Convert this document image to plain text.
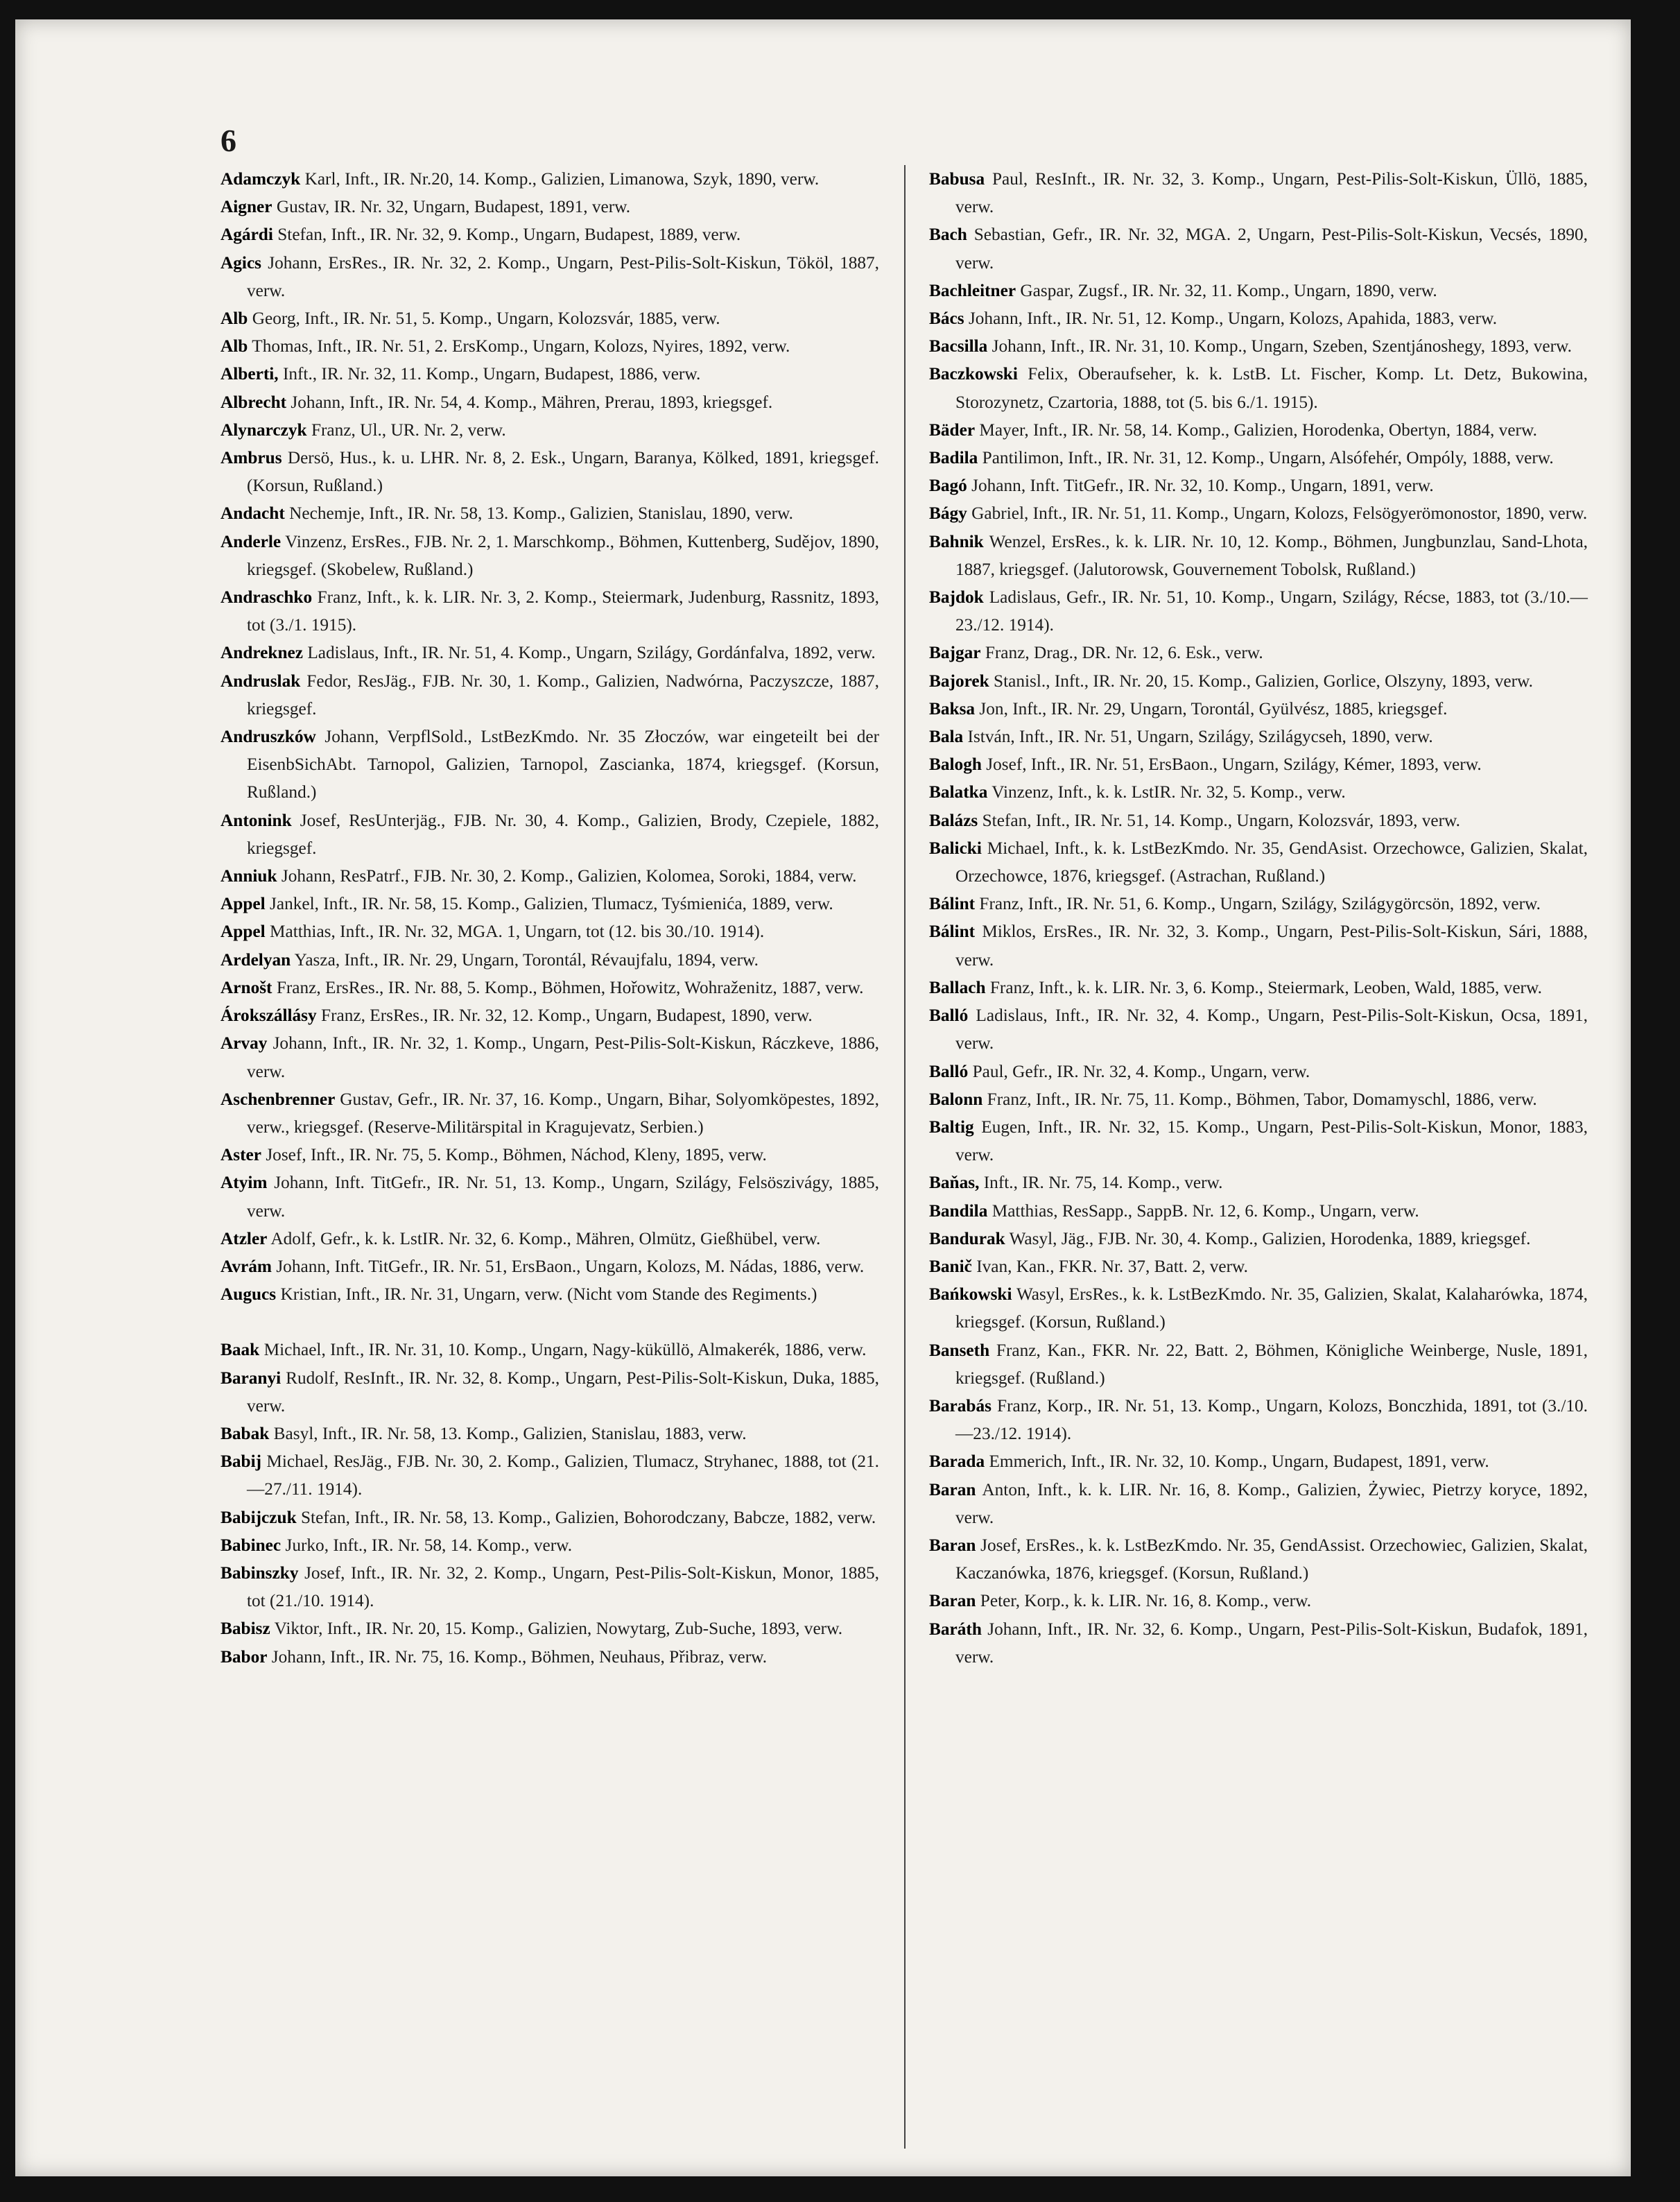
6

Adamczyk Karl, Inft., IR. Nr.20, 14. Komp., Galizien, Limanowa, Szyk, 1890, verw.

Aigner Gustav, IR. Nr. 32, Ungarn, Budapest, 1891, verw.

Agárdi Stefan, Inft., IR. Nr. 32, 9. Komp., Ungarn, Budapest, 1889, verw.

Agics Johann, ErsRes., IR. Nr. 32, 2. Komp., Ungarn, Pest-Pilis-Solt-Kiskun, Tököl, 1887, verw.

Alb Georg, Inft., IR. Nr. 51, 5. Komp., Ungarn, Kolozsvár, 1885, verw.

Alb Thomas, Inft., IR. Nr. 51, 2. ErsKomp., Ungarn, Kolozs, Nyires, 1892, verw.

Alberti, Inft., IR. Nr. 32, 11. Komp., Ungarn, Budapest, 1886, verw.

Albrecht Johann, Inft., IR. Nr. 54, 4. Komp., Mähren, Prerau, 1893, kriegsgef.

Alynarczyk Franz, Ul., UR. Nr. 2, verw.

Ambrus Dersö, Hus., k. u. LHR. Nr. 8, 2. Esk., Ungarn, Baranya, Kölked, 1891, kriegsgef. (Korsun, Rußland.)

Andacht Nechemje, Inft., IR. Nr. 58, 13. Komp., Galizien, Stanislau, 1890, verw.

Anderle Vinzenz, ErsRes., FJB. Nr. 2, 1. Marschkomp., Böhmen, Kuttenberg, Sudějov, 1890, kriegsgef. (Skobelew, Rußland.)

Andraschko Franz, Inft., k. k. LIR. Nr. 3, 2. Komp., Steiermark, Judenburg, Rassnitz, 1893, tot (3./1. 1915).

Andreknez Ladislaus, Inft., IR. Nr. 51, 4. Komp., Ungarn, Szilágy, Gordánfalva, 1892, verw.

Andruslak Fedor, ResJäg., FJB. Nr. 30, 1. Komp., Galizien, Nadwórna, Paczyszcze, 1887, kriegsgef.

Andruszków Johann, VerpflSold., LstBezKmdo. Nr. 35 Złoczów, war eingeteilt bei der EisenbSichAbt. Tarnopol, Galizien, Tarnopol, Zascianka, 1874, kriegsgef. (Korsun, Rußland.)

Antonink Josef, ResUnterjäg., FJB. Nr. 30, 4. Komp., Galizien, Brody, Czepiele, 1882, kriegsgef.

Anniuk Johann, ResPatrf., FJB. Nr. 30, 2. Komp., Galizien, Kolomea, Soroki, 1884, verw.

Appel Jankel, Inft., IR. Nr. 58, 15. Komp., Galizien, Tlumacz, Tyśmienića, 1889, verw.

Appel Matthias, Inft., IR. Nr. 32, MGA. 1, Ungarn, tot (12. bis 30./10. 1914).

Ardelyan Yasza, Inft., IR. Nr. 29, Ungarn, Torontál, Révaujfalu, 1894, verw.

Arnošt Franz, ErsRes., IR. Nr. 88, 5. Komp., Böhmen, Hořowitz, Wohraženitz, 1887, verw.

Árokszállásy Franz, ErsRes., IR. Nr. 32, 12. Komp., Ungarn, Budapest, 1890, verw.

Arvay Johann, Inft., IR. Nr. 32, 1. Komp., Ungarn, Pest-Pilis-Solt-Kiskun, Ráczkeve, 1886, verw.

Aschenbrenner Gustav, Gefr., IR. Nr. 37, 16. Komp., Ungarn, Bihar, Solyomköpestes, 1892, verw., kriegsgef. (Reserve-Militärspital in Kragujevatz, Serbien.)

Aster Josef, Inft., IR. Nr. 75, 5. Komp., Böhmen, Náchod, Kleny, 1895, verw.

Atyim Johann, Inft. TitGefr., IR. Nr. 51, 13. Komp., Ungarn, Szilágy, Felsöszivágy, 1885, verw.

Atzler Adolf, Gefr., k. k. LstIR. Nr. 32, 6. Komp., Mähren, Olmütz, Gießhübel, verw.

Avrám Johann, Inft. TitGefr., IR. Nr. 51, ErsBaon., Ungarn, Kolozs, M. Nádas, 1886, verw.

Augucs Kristian, Inft., IR. Nr. 31, Ungarn, verw. (Nicht vom Stande des Regiments.)

Baak Michael, Inft., IR. Nr. 31, 10. Komp., Ungarn, Nagy-küküllö, Almakerék, 1886, verw.

Baranyi Rudolf, ResInft., IR. Nr. 32, 8. Komp., Ungarn, Pest-Pilis-Solt-Kiskun, Duka, 1885, verw.

Babak Basyl, Inft., IR. Nr. 58, 13. Komp., Galizien, Stanislau, 1883, verw.

Babij Michael, ResJäg., FJB. Nr. 30, 2. Komp., Galizien, Tlumacz, Stryhanec, 1888, tot (21.—27./11. 1914).

Babijczuk Stefan, Inft., IR. Nr. 58, 13. Komp., Galizien, Bohorodczany, Babcze, 1882, verw.

Babinec Jurko, Inft., IR. Nr. 58, 14. Komp., verw.

Babinszky Josef, Inft., IR. Nr. 32, 2. Komp., Ungarn, Pest-Pilis-Solt-Kiskun, Monor, 1885, tot (21./10. 1914).

Babisz Viktor, Inft., IR. Nr. 20, 15. Komp., Galizien, Nowytarg, Zub-Suche, 1893, verw.

Babor Johann, Inft., IR. Nr. 75, 16. Komp., Böhmen, Neuhaus, Přibraz, verw.

Babusa Paul, ResInft., IR. Nr. 32, 3. Komp., Ungarn, Pest-Pilis-Solt-Kiskun, Üllö, 1885, verw.

Bach Sebastian, Gefr., IR. Nr. 32, MGA. 2, Ungarn, Pest-Pilis-Solt-Kiskun, Vecsés, 1890, verw.

Bachleitner Gaspar, Zugsf., IR. Nr. 32, 11. Komp., Ungarn, 1890, verw.

Bács Johann, Inft., IR. Nr. 51, 12. Komp., Ungarn, Kolozs, Apahida, 1883, verw.

Bacsilla Johann, Inft., IR. Nr. 31, 10. Komp., Ungarn, Szeben, Szentjánoshegy, 1893, verw.

Baczkowski Felix, Oberaufseher, k. k. LstB. Lt. Fischer, Komp. Lt. Detz, Bukowina, Storozynetz, Czartoria, 1888, tot (5. bis 6./1. 1915).

Bäder Mayer, Inft., IR. Nr. 58, 14. Komp., Galizien, Horodenka, Obertyn, 1884, verw.

Badila Pantilimon, Inft., IR. Nr. 31, 12. Komp., Ungarn, Alsófehér, Ompóly, 1888, verw.

Bagó Johann, Inft. TitGefr., IR. Nr. 32, 10. Komp., Ungarn, 1891, verw.

Bágy Gabriel, Inft., IR. Nr. 51, 11. Komp., Ungarn, Kolozs, Felsögyerömonostor, 1890, verw.

Bahnik Wenzel, ErsRes., k. k. LIR. Nr. 10, 12. Komp., Böhmen, Jungbunzlau, Sand-Lhota, 1887, kriegsgef. (Jalutorowsk, Gouvernement Tobolsk, Rußland.)

Bajdok Ladislaus, Gefr., IR. Nr. 51, 10. Komp., Ungarn, Szilágy, Récse, 1883, tot (3./10.—23./12. 1914).

Bajgar Franz, Drag., DR. Nr. 12, 6. Esk., verw.

Bajorek Stanisl., Inft., IR. Nr. 20, 15. Komp., Galizien, Gorlice, Olszyny, 1893, verw.

Baksa Jon, Inft., IR. Nr. 29, Ungarn, Torontál, Gyülvész, 1885, kriegsgef.

Bala István, Inft., IR. Nr. 51, Ungarn, Szilágy, Szilágycseh, 1890, verw.

Balogh Josef, Inft., IR. Nr. 51, ErsBaon., Ungarn, Szilágy, Kémer, 1893, verw.

Balatka Vinzenz, Inft., k. k. LstIR. Nr. 32, 5. Komp., verw.

Balázs Stefan, Inft., IR. Nr. 51, 14. Komp., Ungarn, Kolozsvár, 1893, verw.

Balicki Michael, Inft., k. k. LstBezKmdo. Nr. 35, GendAsist. Orzechowce, Galizien, Skalat, Orzechowce, 1876, kriegsgef. (Astrachan, Rußland.)

Bálint Franz, Inft., IR. Nr. 51, 6. Komp., Ungarn, Szilágy, Szilágygörcsön, 1892, verw.

Bálint Miklos, ErsRes., IR. Nr. 32, 3. Komp., Ungarn, Pest-Pilis-Solt-Kiskun, Sári, 1888, verw.

Ballach Franz, Inft., k. k. LIR. Nr. 3, 6. Komp., Steiermark, Leoben, Wald, 1885, verw.

Balló Ladislaus, Inft., IR. Nr. 32, 4. Komp., Ungarn, Pest-Pilis-Solt-Kiskun, Ocsa, 1891, verw.

Balló Paul, Gefr., IR. Nr. 32, 4. Komp., Ungarn, verw.

Balonn Franz, Inft., IR. Nr. 75, 11. Komp., Böhmen, Tabor, Domamyschl, 1886, verw.

Baltig Eugen, Inft., IR. Nr. 32, 15. Komp., Ungarn, Pest-Pilis-Solt-Kiskun, Monor, 1883, verw.

Baňas, Inft., IR. Nr. 75, 14. Komp., verw.

Bandila Matthias, ResSapp., SappB. Nr. 12, 6. Komp., Ungarn, verw.

Bandurak Wasyl, Jäg., FJB. Nr. 30, 4. Komp., Galizien, Horodenka, 1889, kriegsgef.

Banič Ivan, Kan., FKR. Nr. 37, Batt. 2, verw.

Bańkowski Wasyl, ErsRes., k. k. LstBezKmdo. Nr. 35, Galizien, Skalat, Kalaharówka, 1874, kriegsgef. (Korsun, Rußland.)

Banseth Franz, Kan., FKR. Nr. 22, Batt. 2, Böhmen, Königliche Weinberge, Nusle, 1891, kriegsgef. (Rußland.)

Barabás Franz, Korp., IR. Nr. 51, 13. Komp., Ungarn, Kolozs, Bonczhida, 1891, tot (3./10.—23./12. 1914).

Barada Emmerich, Inft., IR. Nr. 32, 10. Komp., Ungarn, Budapest, 1891, verw.

Baran Anton, Inft., k. k. LIR. Nr. 16, 8. Komp., Galizien, Żywiec, Pietrzy koryce, 1892, verw.

Baran Josef, ErsRes., k. k. LstBezKmdo. Nr. 35, GendAssist. Orzechowiec, Galizien, Skalat, Kaczanówka, 1876, kriegsgef. (Korsun, Rußland.)

Baran Peter, Korp., k. k. LIR. Nr. 16, 8. Komp., verw.

Baráth Johann, Inft., IR. Nr. 32, 6. Komp., Ungarn, Pest-Pilis-Solt-Kiskun, Budafok, 1891, verw.
